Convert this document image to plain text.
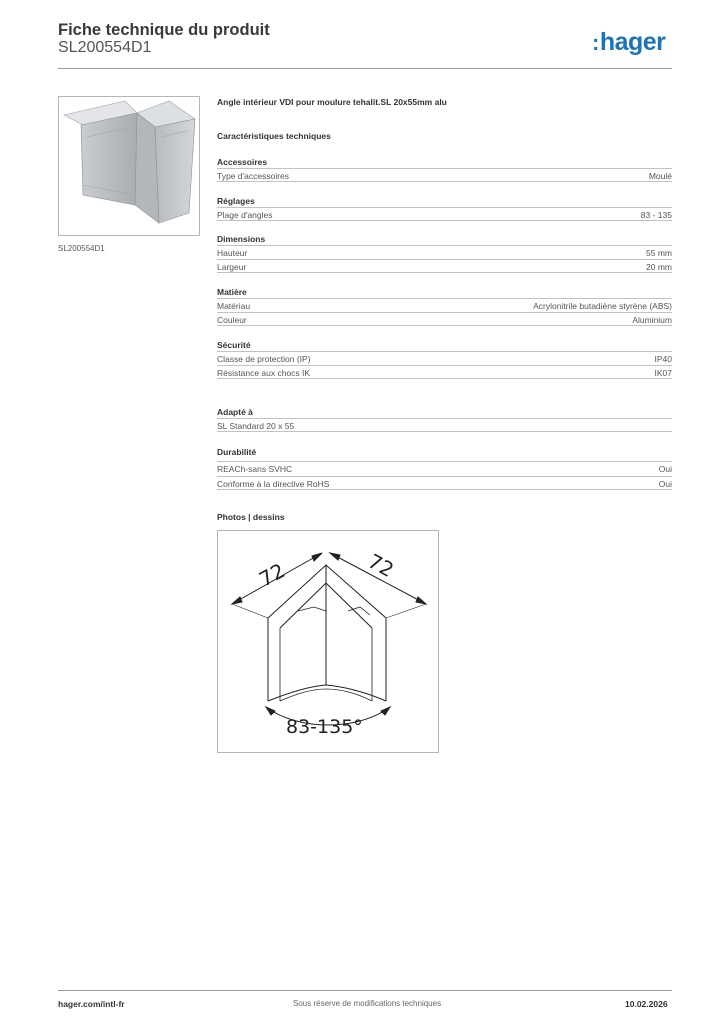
Fiche technique du produit
SL200554D1	:hager
SL200554D1
Angle intérieur VDI pour moulure tehalit.SL 20x55mm alu
Caractéristiques techniques
Accessoires
Type d'accessoires	Moulé
Réglages
Plage d'angles	83 - 135
Dimensions
Hauteur	55 mm
Largeur	20 mm
Matière
Matériau	Acrylonitrile butadiène styrène (ABS)
Couleur	Aluminium
Sécurité
Classe de protection (IP)	IP40
Résistance aux chocs IK	IK07
Adapté à
SL Standard 20 x 55
Durabilité
REACh-sans SVHC	Oui
Conforme à la directive RoHS	Oui
Photos | dessins
72	72
83-135°
hager.com/intl-fr	Sous réserve de modifications techniques	10.02.2026
